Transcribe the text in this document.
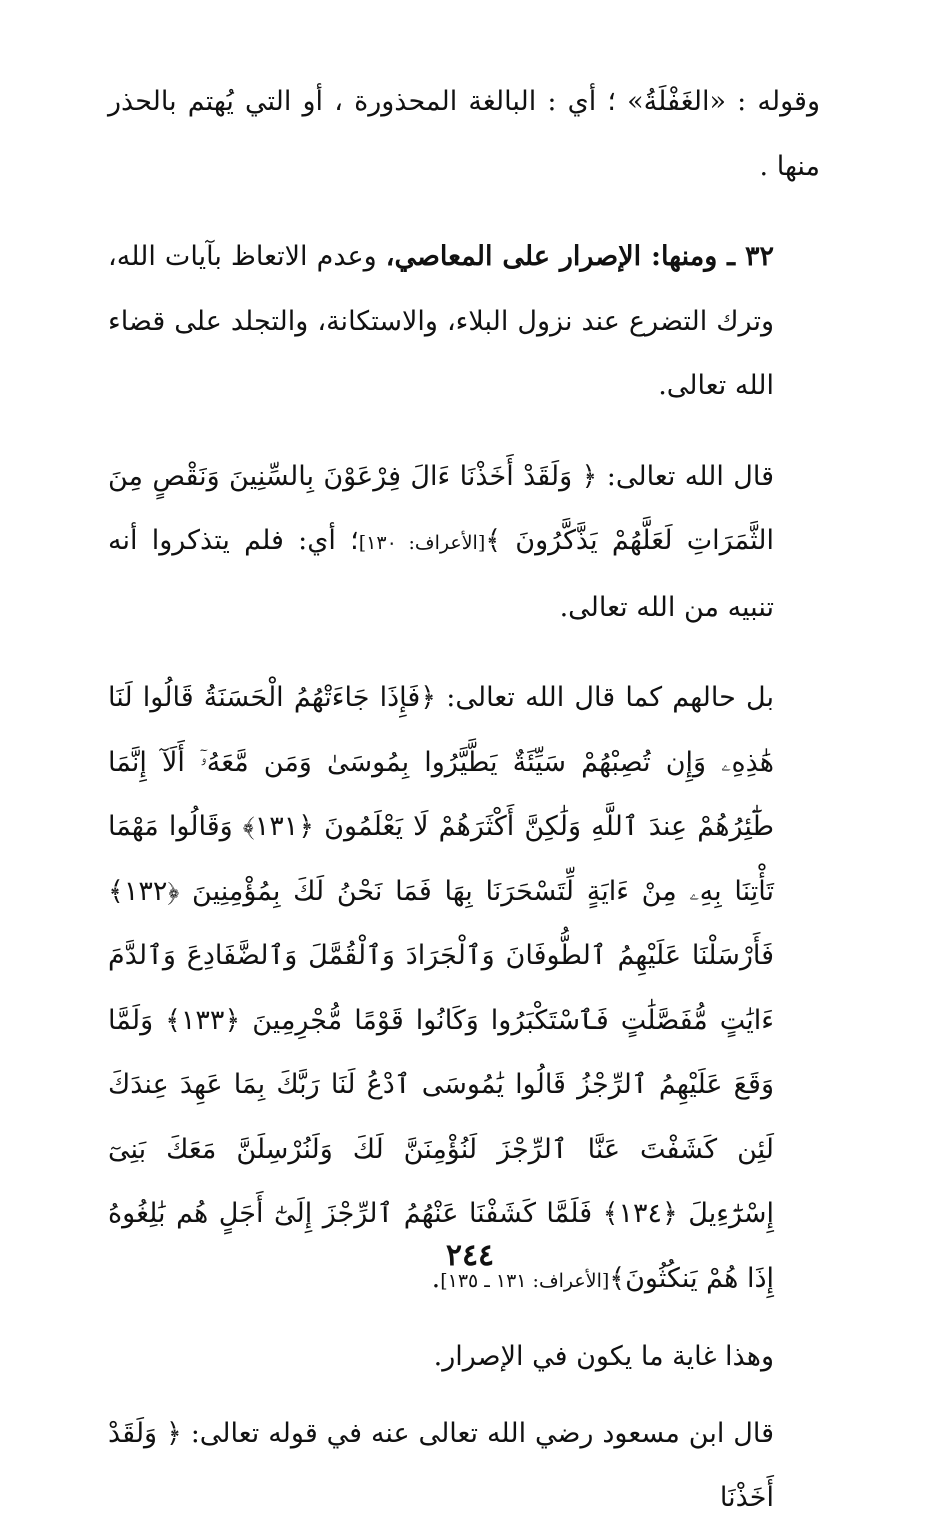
وقوله : «الغَفْلَةُ» ؛ أي : البالغة المحذورة ، أو التي يُهتم بالحذر منها .

٣٢ ـ ومنها: الإصرار على المعاصي، وعدم الاتعاظ بآيات الله، وترك التضرع عند نزول البلاء، والاستكانة، والتجلد على قضاء الله تعالى.

قال الله تعالى: ﴿ وَلَقَدْ أَخَذْنَا ءَالَ فِرْعَوْنَ بِالسِّنِينَ وَنَقْصٍ مِنَ الثَّمَرَاتِ لَعَلَّهُمْ يَذَّكَّرُونَ ﴾[الأعراف: ١٣٠]؛ أي: فلم يتذكروا أنه تنبيه من الله تعالى.

بل حالهم كما قال الله تعالى: ﴿فَإِذَا جَاءَتْهُمُ الْحَسَنَةُ قَالُوا لَنَا هَٰذِهِۦ وَإِن تُصِبْهُمْ سَيِّئَةٌ يَطَّيَّرُوا بِمُوسَىٰ وَمَن مَّعَهُۥٓ أَلَآ إِنَّمَا طَٰٓئِرُهُمْ عِندَ ٱللَّهِ وَلَٰكِنَّ أَكْثَرَهُمْ لَا يَعْلَمُونَ ﴿١٣١﴾ وَقَالُوا مَهْمَا تَأْتِنَا بِهِۦ مِنْ ءَايَةٍ لِّتَسْحَرَنَا بِهَا فَمَا نَحْنُ لَكَ بِمُؤْمِنِينَ ﴿١٣٢﴾ فَأَرْسَلْنَا عَلَيْهِمُ ٱلطُّوفَانَ وَٱلْجَرَادَ وَٱلْقُمَّلَ وَٱلضَّفَادِعَ وَٱلدَّمَ ءَايَٰتٍ مُّفَصَّلَٰتٍ فَٱسْتَكْبَرُوا وَكَانُوا قَوْمًا مُّجْرِمِينَ ﴿١٣٣﴾ وَلَمَّا وَقَعَ عَلَيْهِمُ ٱلرِّجْزُ قَالُوا يَٰمُوسَى ٱدْعُ لَنَا رَبَّكَ بِمَا عَهِدَ عِندَكَ لَئِن كَشَفْتَ عَنَّا ٱلرِّجْزَ لَنُؤْمِنَنَّ لَكَ وَلَنُرْسِلَنَّ مَعَكَ بَنِىٓ إِسْرَٰٓءِيلَ ﴿١٣٤﴾ فَلَمَّا كَشَفْنَا عَنْهُمُ ٱلرِّجْزَ إِلَىٰٓ أَجَلٍ هُم بَٰلِغُوهُ إِذَا هُمْ يَنكُثُونَ﴾[الأعراف: ١٣١ ـ ١٣٥].

وهذا غاية ما يكون في الإصرار.

قال ابن مسعود رضي الله تعالى عنه في قوله تعالى: ﴿ وَلَقَدْ أَخَذْنَا

٢٤٤
